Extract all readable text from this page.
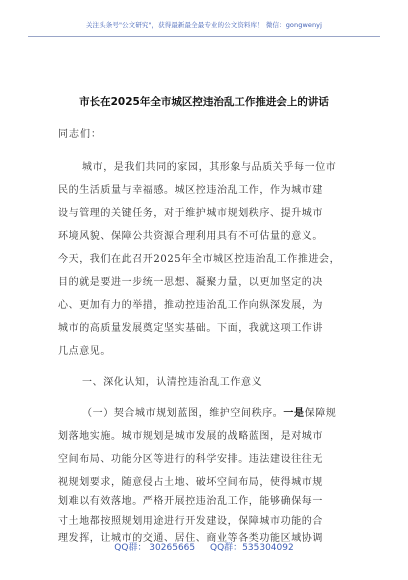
关注头条号"公文研究"，获得最新最全最专业的公文资料库！ 微信：gongwenyj
市长在2025年全市城区控违治乱工作推进会上的讲话
同志们：
城市，是我们共同的家园，其形象与品质关乎每一位市
民的生活质量与幸福感。城区控违治乱工作，作为城市建
设与管理的关键任务，对于维护城市规划秩序、提升城市
环境风貌、保障公共资源合理利用具有不可估量的意义。
今天，我们在此召开2025年全市城区控违治乱工作推进会，
目的就是要进一步统一思想、凝聚力量，以更加坚定的决
心、更加有力的举措，推动控违治乱工作向纵深发展，为
城市的高质量发展奠定坚实基础。下面，我就这项工作讲
几点意见。
一、深化认知，认清控违治乱工作意义
（一）契合城市规划蓝图，维护空间秩序。一是保障规
划落地实施。城市规划是城市发展的战略蓝图，是对城市
空间布局、功能分区等进行的科学安排。违法建设往往无
视规划要求，随意侵占土地、破坏空间布局，使得城市规
划难以有效落地。严格开展控违治乱工作，能够确保每一
寸土地都按照规划用途进行开发建设，保障城市功能的合
理发挥，让城市的交通、居住、商业等各类功能区域协调
QQ群： 30265665 QQ群：535304092
